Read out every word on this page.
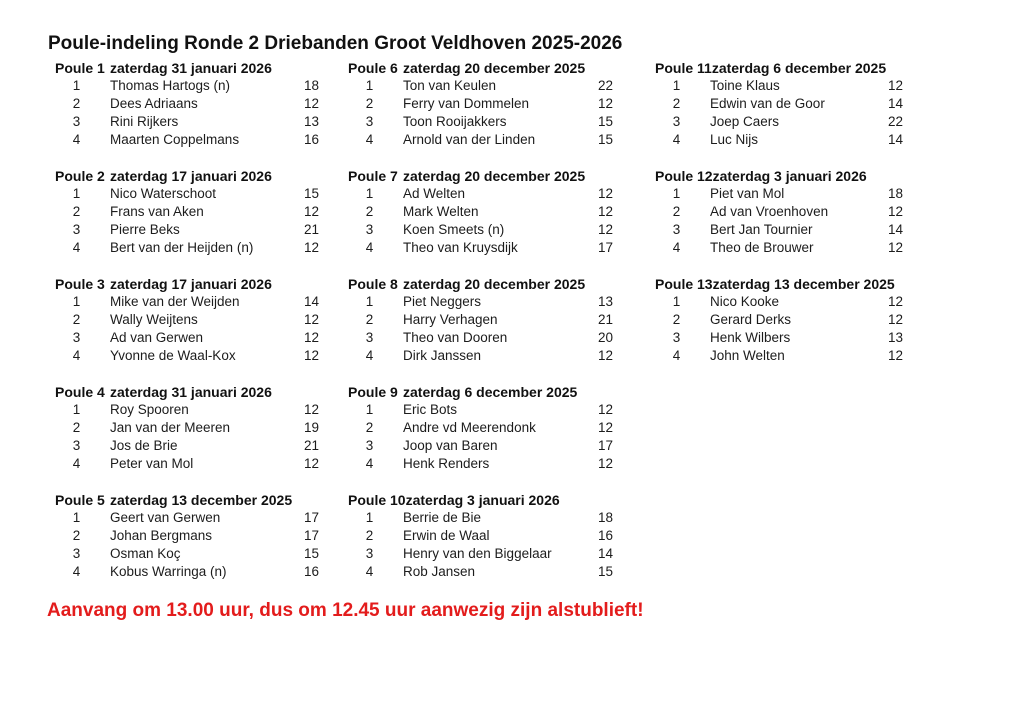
Poule-indeling Ronde 2 Driebanden Groot Veldhoven 2025-2026
Poule 1 zaterdag 31 januari 2026
1	Thomas Hartogs (n)	18
2	Dees Adriaans	12
3	Rini Rijkers	13
4	Maarten Coppelmans	16
Poule 2 zaterdag 17 januari 2026
1	Nico Waterschoot	15
2	Frans van Aken	12
3	Pierre Beks	21
4	Bert van der Heijden (n)	12
Poule 3 zaterdag 17 januari 2026
1	Mike van der Weijden	14
2	Wally Weijtens	12
3	Ad van Gerwen	12
4	Yvonne de Waal-Kox	12
Poule 4 zaterdag 31 januari 2026
1	Roy Spooren	12
2	Jan van der Meeren	19
3	Jos de Brie	21
4	Peter van Mol	12
Poule 5 zaterdag 13 december 2025
1	Geert van Gerwen	17
2	Johan Bergmans	17
3	Osman Koç	15
4	Kobus Warringa (n)	16
Poule 6 zaterdag 20 december 2025
1	Ton van Keulen	22
2	Ferry van Dommelen	12
3	Toon Rooijakkers	15
4	Arnold van der Linden	15
Poule 7 zaterdag 20 december 2025
1	Ad Welten	12
2	Mark Welten	12
3	Koen Smeets (n)	12
4	Theo van Kruysdijk	17
Poule 8 zaterdag 20 december 2025
1	Piet Neggers	13
2	Harry Verhagen	21
3	Theo van Dooren	20
4	Dirk Janssen	12
Poule 9 zaterdag 6 december 2025
1	Eric Bots	12
2	Andre vd Meerendonk	12
3	Joop van Baren	17
4	Henk Renders	12
Poule 10 zaterdag 3 januari 2026
1	Berrie de Bie	18
2	Erwin de Waal	16
3	Henry van den Biggelaar	14
4	Rob Jansen	15
Poule 11 zaterdag 6 december 2025
1	Toine Klaus	12
2	Edwin van de Goor	14
3	Joep Caers	22
4	Luc Nijs	14
Poule 12 zaterdag 3 januari 2026
1	Piet van Mol	18
2	Ad van Vroenhoven	12
3	Bert Jan Tournier	14
4	Theo de Brouwer	12
Poule 13 zaterdag 13 december 2025
1	Nico Kooke	12
2	Gerard Derks	12
3	Henk Wilbers	13
4	John Welten	12

Aanvang om 13.00 uur, dus om 12.45 uur aanwezig zijn alstublieft!
